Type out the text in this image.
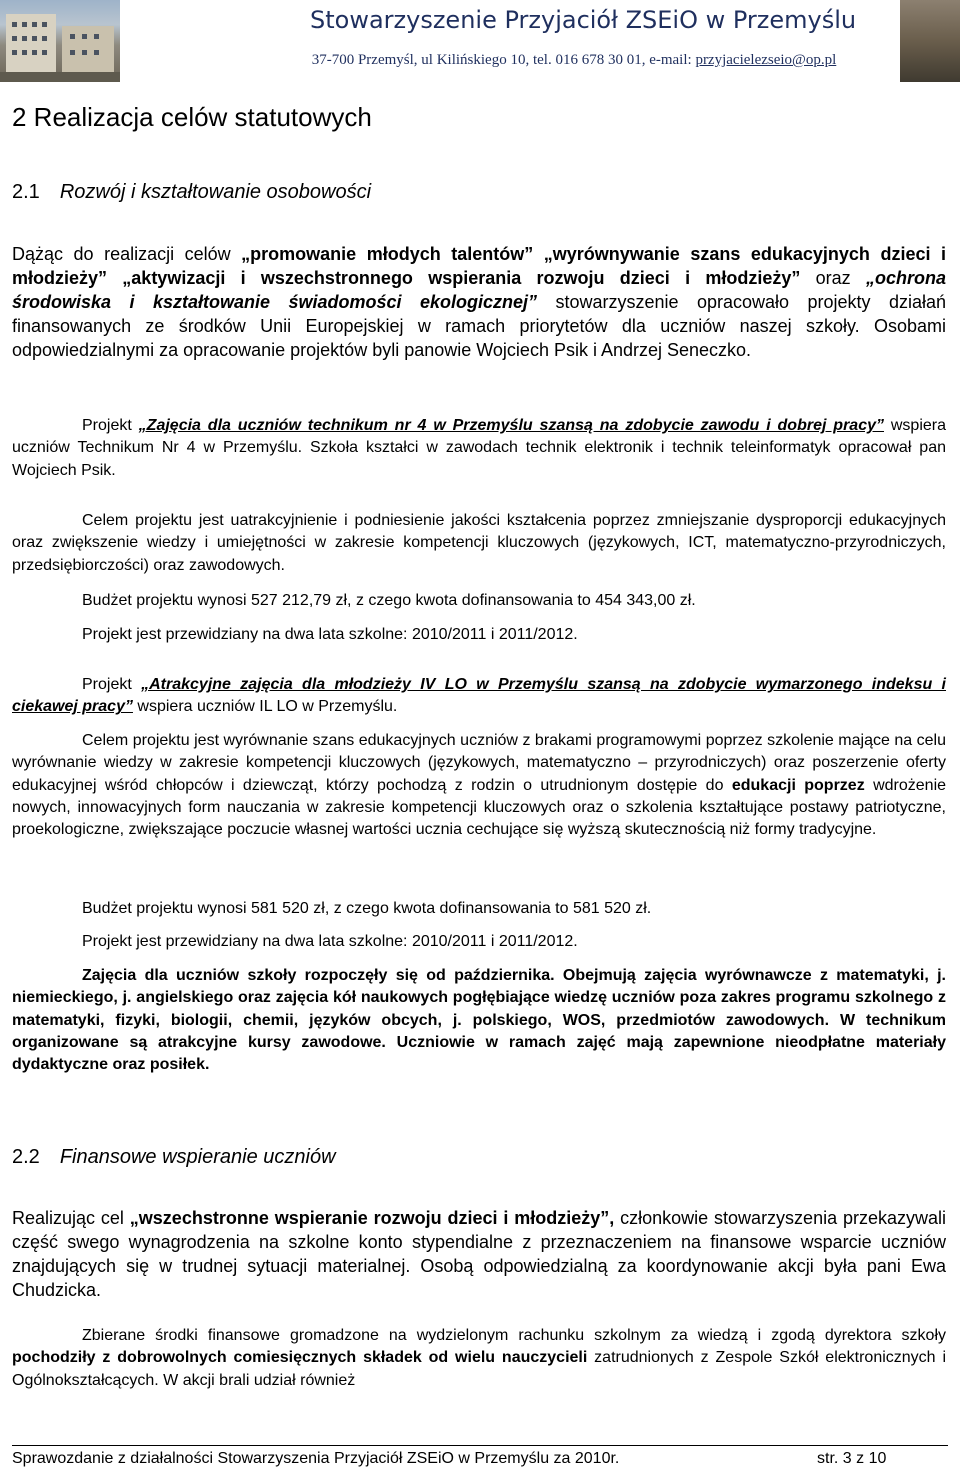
Stowarzyszenie Przyjaciół ZSEiO w Przemyślu
37-700 Przemyśl, ul Kilińskiego 10, tel. 016 678 30 01, e-mail: przyjacielezseio@op.pl
2 Realizacja celów statutowych
2.1 Rozwój i kształtowanie osobowości

Dążąc do realizacji celów „promowanie młodych talentów” „wyrównywanie szans edukacyjnych dzieci i młodzieży” „aktywizacji i wszechstronnego wspierania rozwoju dzieci i młodzieży” oraz „ochrona środowiska i kształtowanie świadomości ekologicznej” stowarzyszenie opracowało projekty działań finansowanych ze środków Unii Europejskiej w ramach priorytetów dla uczniów naszej szkoły. Osobami odpowiedzialnymi za opracowanie projektów byli panowie Wojciech Psik i Andrzej Seneczko.

Projekt „Zajęcia dla uczniów technikum nr 4 w Przemyślu szansą na zdobycie zawodu i dobrej pracy” wspiera uczniów Technikum Nr 4 w Przemyślu. Szkoła kształci w zawodach technik elektronik i technik teleinformatyk opracował pan Wojciech Psik.

Celem projektu jest uatrakcyjnienie i podniesienie jakości kształcenia poprzez zmniejszanie dysproporcji edukacyjnych oraz zwiększenie wiedzy i umiejętności w zakresie kompetencji kluczowych (językowych, ICT, matematyczno-przyrodniczych, przedsiębiorczości) oraz zawodowych.

Budżet projektu wynosi 527 212,79 zł, z czego kwota dofinansowania to 454 343,00 zł.

Projekt jest przewidziany na dwa lata szkolne: 2010/2011 i 2011/2012.

Projekt „Atrakcyjne zajęcia dla młodzieży IV LO w Przemyślu szansą na zdobycie wymarzonego indeksu i ciekawej pracy” wspiera uczniów IL LO w Przemyślu.

Celem projektu jest wyrównanie szans edukacyjnych uczniów z brakami programowymi poprzez szkolenie mające na celu wyrównanie wiedzy w zakresie kompetencji kluczowych (językowych, matematyczno – przyrodniczych) oraz poszerzenie oferty edukacyjnej wśród chłopców i dziewcząt, którzy pochodzą z rodzin o utrudnionym dostępie do edukacji poprzez wdrożenie nowych, innowacyjnych form nauczania w zakresie kompetencji kluczowych oraz o szkolenia kształtujące postawy patriotyczne, proekologiczne, zwiększające poczucie własnej wartości ucznia cechujące się wyższą skutecznością niż formy tradycyjne.

Budżet projektu wynosi 581 520 zł, z czego kwota dofinansowania to 581 520 zł.

Projekt jest przewidziany na dwa lata szkolne: 2010/2011 i 2011/2012.

Zajęcia dla uczniów szkoły rozpoczęły się od października. Obejmują zajęcia wyrównawcze z matematyki, j. niemieckiego, j. angielskiego oraz zajęcia kół naukowych pogłębiające wiedzę uczniów poza zakres programu szkolnego z matematyki, fizyki, biologii, chemii, języków obcych, j. polskiego, WOS, przedmiotów zawodowych. W technikum organizowane są atrakcyjne kursy zawodowe. Uczniowie w ramach zajęć mają zapewnione nieodpłatne materiały dydaktyczne oraz posiłek.

2.2 Finansowe wspieranie uczniów

Realizując cel „wszechstronne wspieranie rozwoju dzieci i młodzieży”, członkowie stowarzyszenia przekazywali część swego wynagrodzenia na szkolne konto stypendialne z przeznaczeniem na finansowe wsparcie uczniów znajdujących się w trudnej sytuacji materialnej. Osobą odpowiedzialną za koordynowanie akcji była pani Ewa Chudzicka.

Zbierane środki finansowe gromadzone na wydzielonym rachunku szkolnym za wiedzą i zgodą dyrektora szkoły pochodziły z dobrowolnych comiesięcznych składek od wielu nauczycieli zatrudnionych z Zespole Szkół elektronicznych i Ogólnokształcących. W akcji brali udział również

Sprawozdanie z działalności Stowarzyszenia Przyjaciół ZSEiO w Przemyślu za 2010r.	str. 3 z 10
